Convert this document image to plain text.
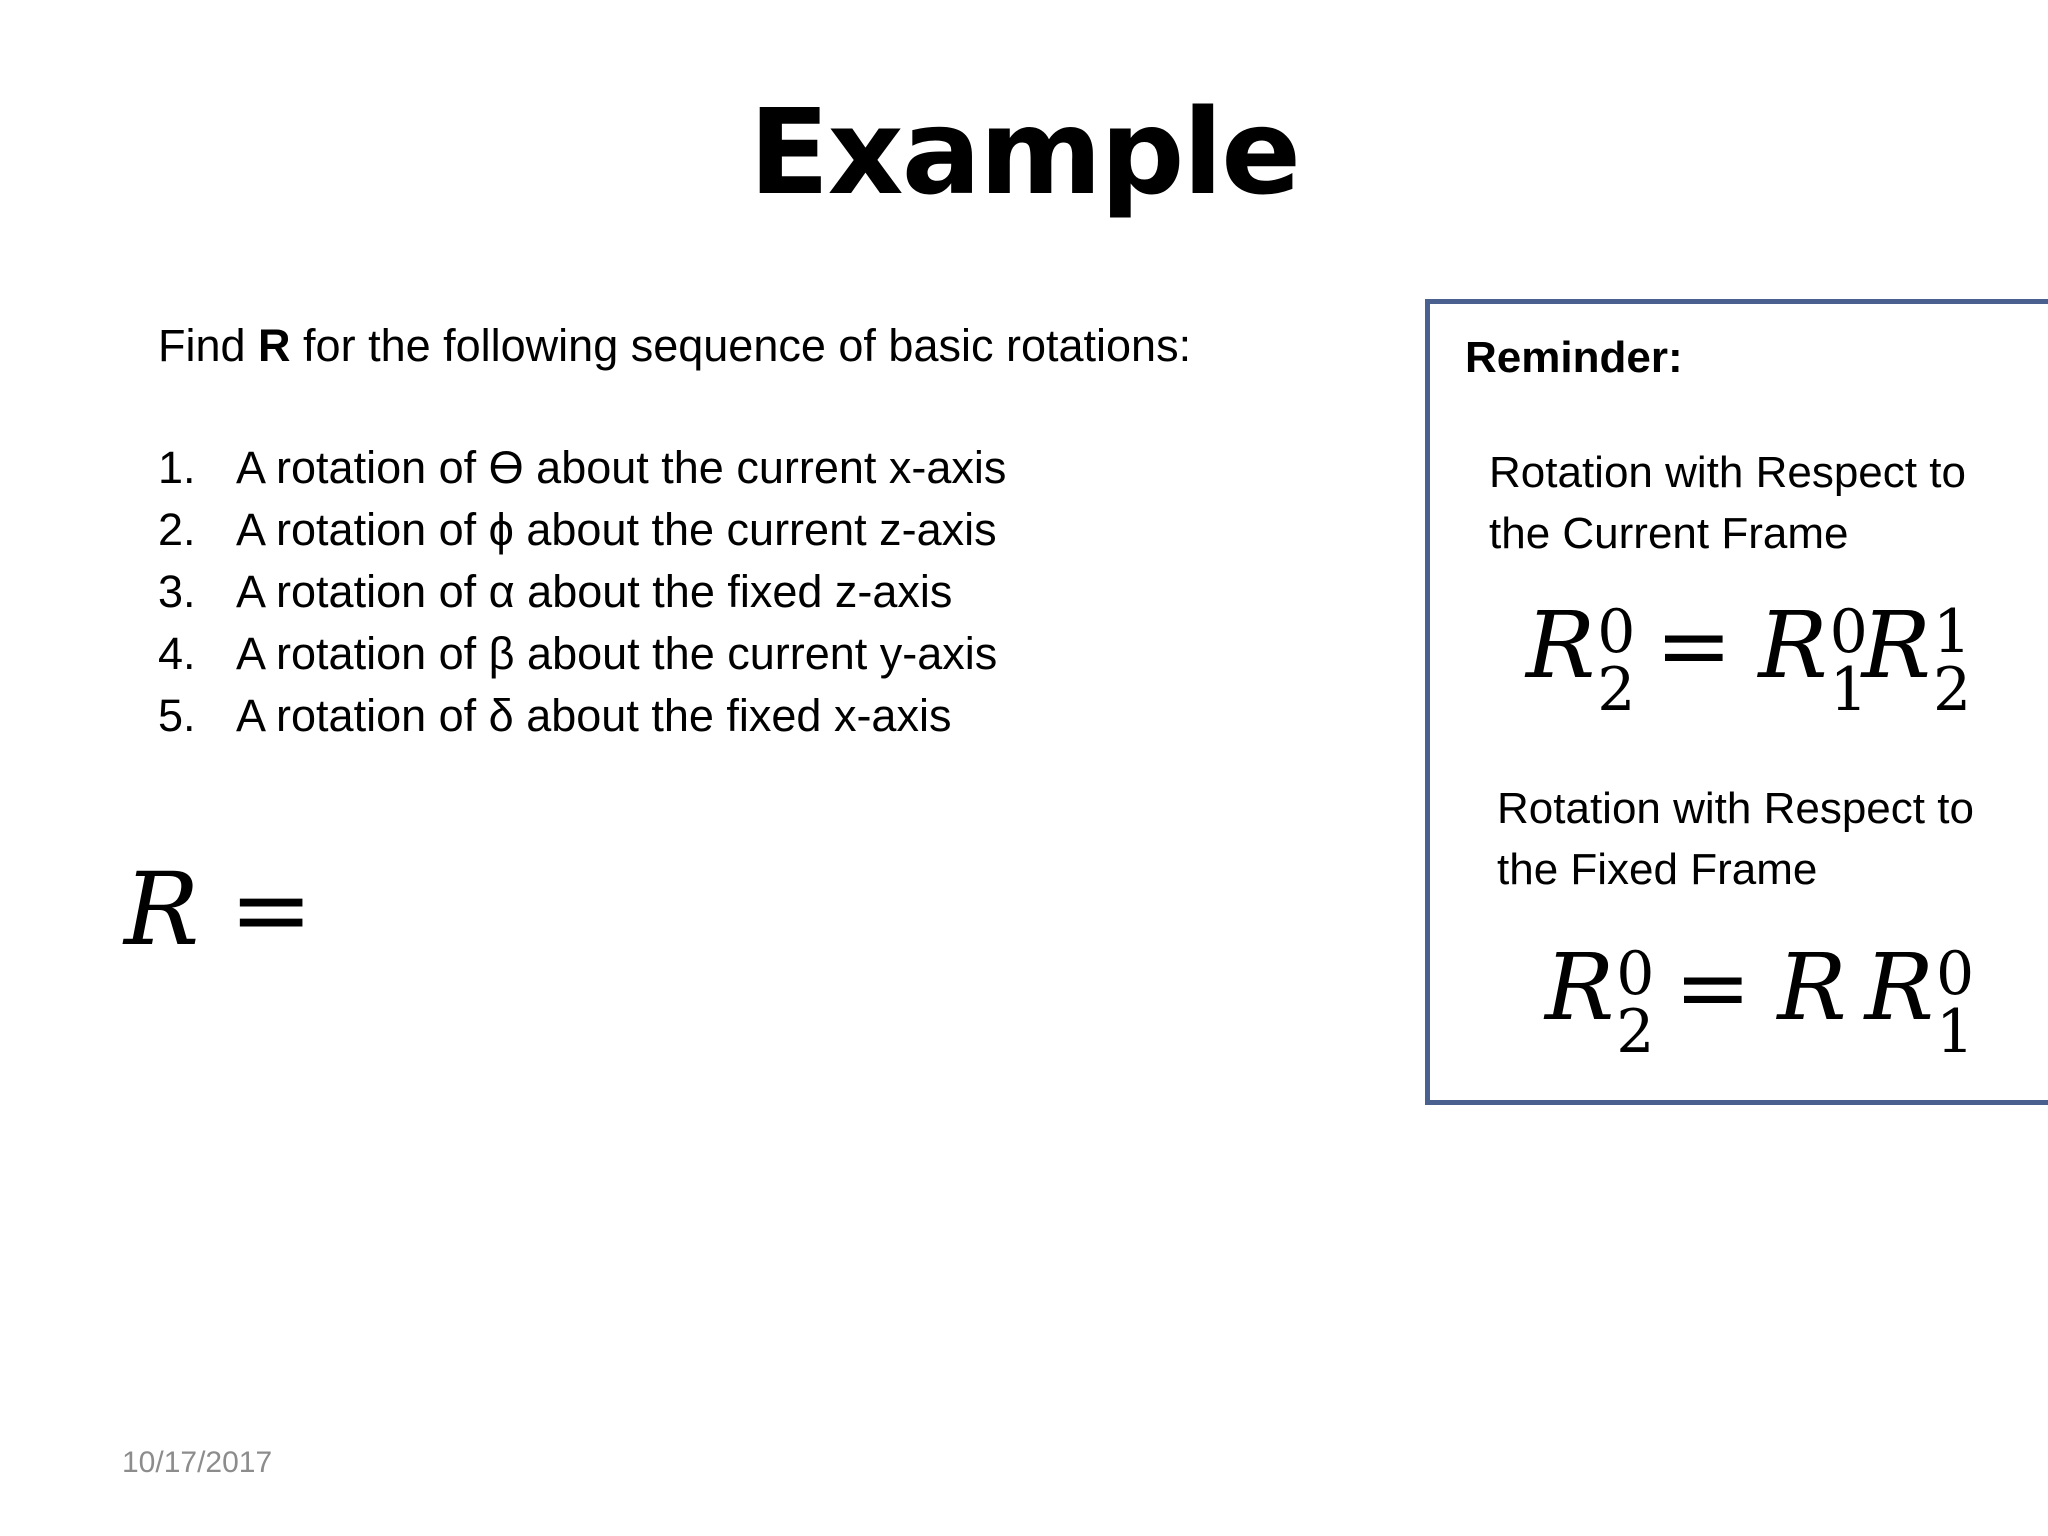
Example
Find R for the following sequence of basic rotations:
1. A rotation of ϴ about the current x-axis
2. A rotation of ϕ about the current z-axis
3. A rotation of α about the fixed z-axis
4. A rotation of β about the current y-axis
5. A rotation of δ about the fixed x-axis
R =
Reminder:
Rotation with Respect to
the Current Frame
R 0
2 = R 0
1
R 1
2
Rotation with Respect to
the Fixed Frame
R 0
2 = R R 0
1
10/17/2017
